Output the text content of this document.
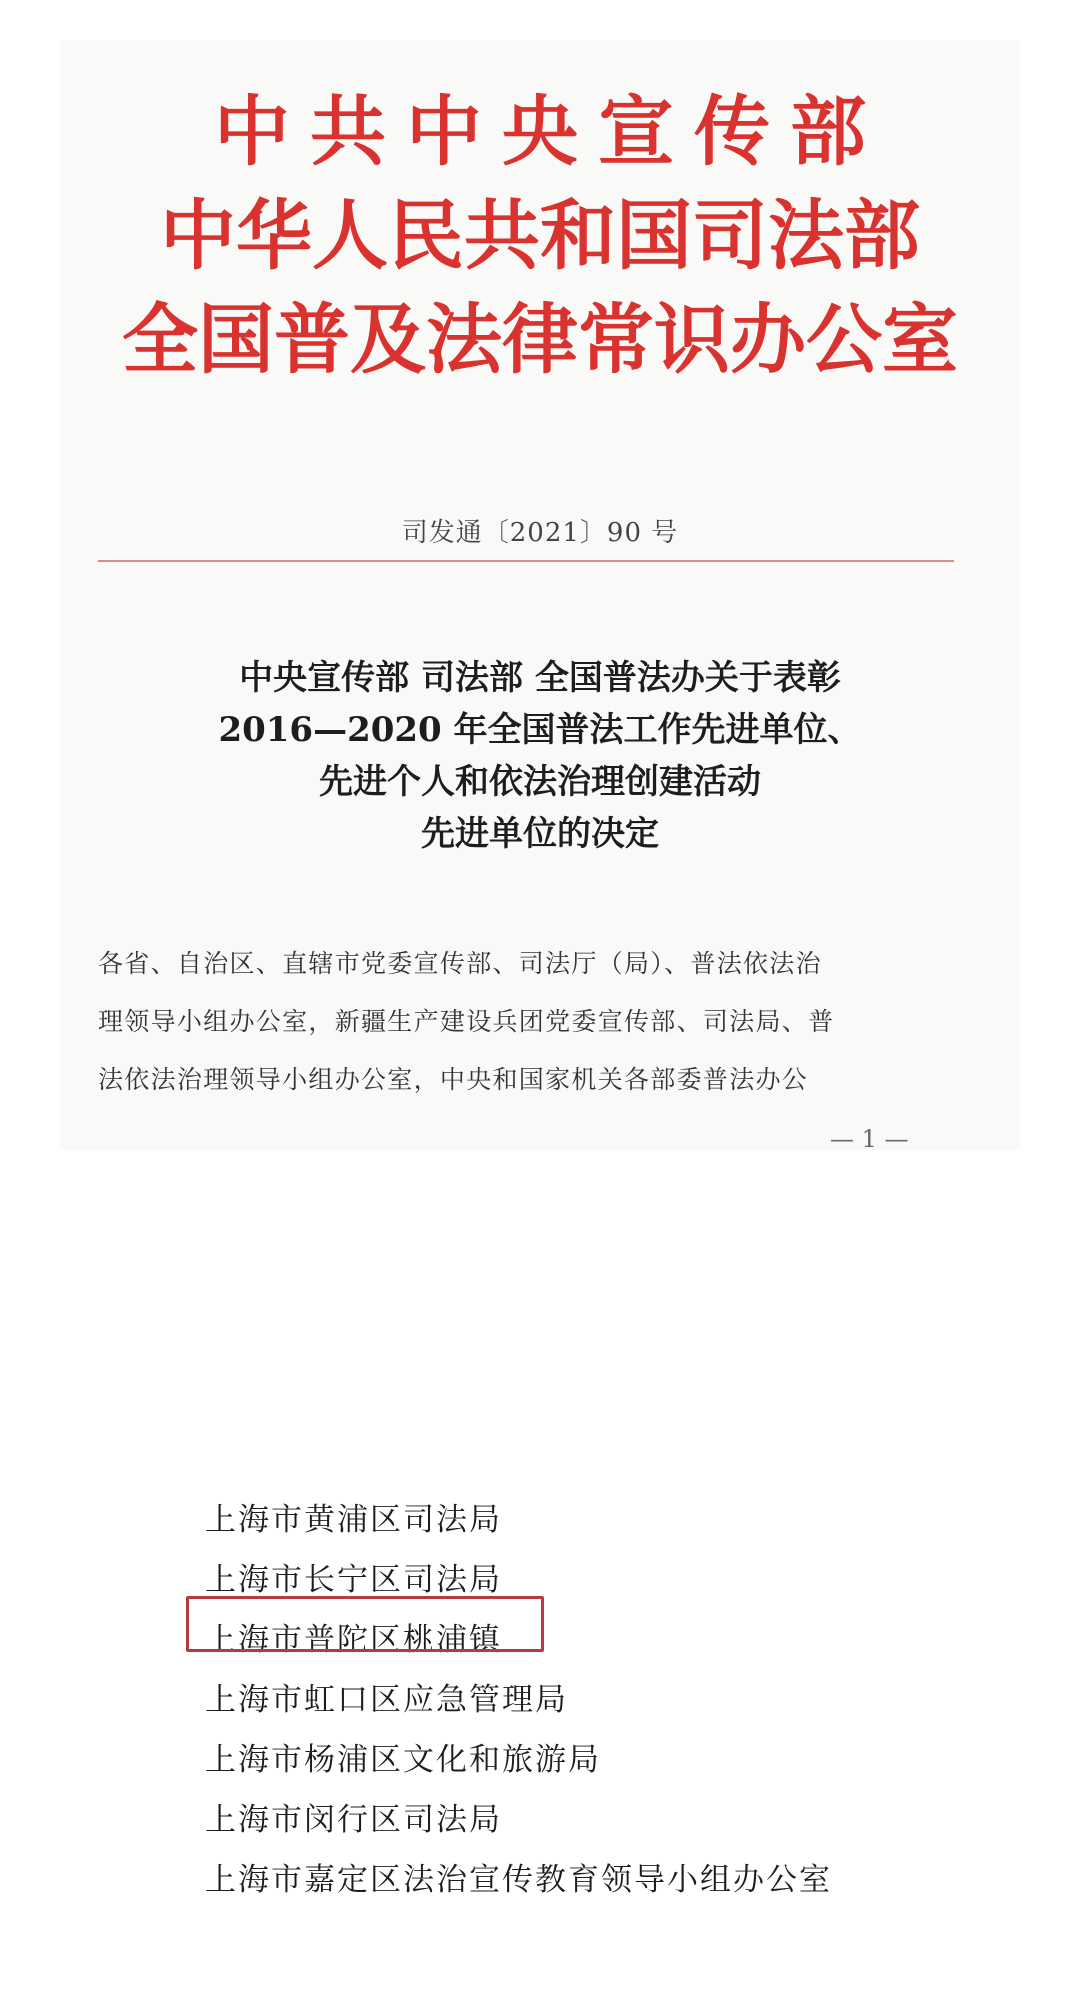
中共中央宣传部
中华人民共和国司法部
全国普及法律常识办公室
司发通〔2021〕90 号
中央宣传部 司法部 全国普法办关于表彰
2016—2020 年全国普法工作先进单位、
先进个人和依法治理创建活动
先进单位的决定
各省、自治区、直辖市党委宣传部、司法厅（局）、普法依法治
理领导小组办公室，新疆生产建设兵团党委宣传部、司法局、普
法依法治理领导小组办公室，中央和国家机关各部委普法办公
— 1 —
上海市黄浦区司法局
上海市长宁区司法局
上海市普陀区桃浦镇
上海市虹口区应急管理局
上海市杨浦区文化和旅游局
上海市闵行区司法局
上海市嘉定区法治宣传教育领导小组办公室
